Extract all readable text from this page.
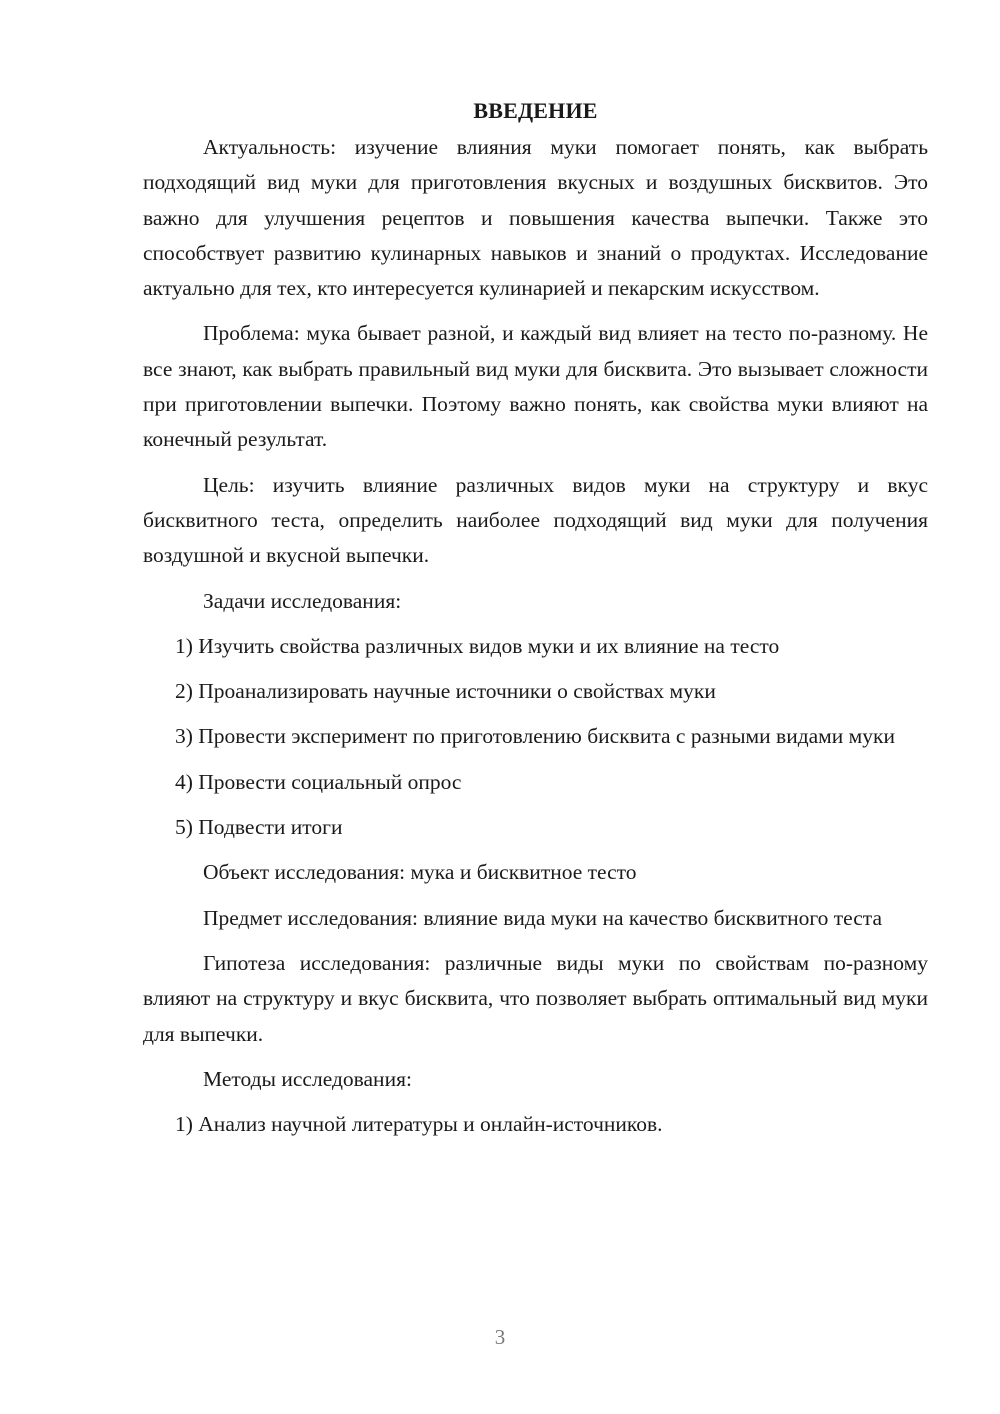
ВВЕДЕНИЕ

Актуальность: изучение влияния муки помогает понять, как выбрать подходящий вид муки для приготовления вкусных и воздушных бисквитов. Это важно для улучшения рецептов и повышения качества выпечки. Также это способствует развитию кулинарных навыков и знаний о продуктах. Исследование актуально для тех, кто интересуется кулинарией и пекарским искусством.

Проблема: мука бывает разной, и каждый вид влияет на тесто по-разному. Не все знают, как выбрать правильный вид муки для бисквита. Это вызывает сложности при приготовлении выпечки. Поэтому важно понять, как свойства муки влияют на конечный результат.

Цель: изучить влияние различных видов муки на структуру и вкус бисквитного теста, определить наиболее подходящий вид муки для получения воздушной и вкусной выпечки.

Задачи исследования:

1) Изучить свойства различных видов муки и их влияние на тесто

2) Проанализировать научные источники о свойствах муки

3) Провести эксперимент по приготовлению бисквита с разными видами муки

4) Провести социальный опрос

5) Подвести итоги

Объект исследования: мука и бисквитное тесто

Предмет исследования: влияние вида муки на качество бисквитного теста

Гипотеза исследования: различные виды муки по свойствам по-разному влияют на структуру и вкус бисквита, что позволяет выбрать оптимальный вид муки для выпечки.

Методы исследования:

1) Анализ научной литературы и онлайн-источников.

3
